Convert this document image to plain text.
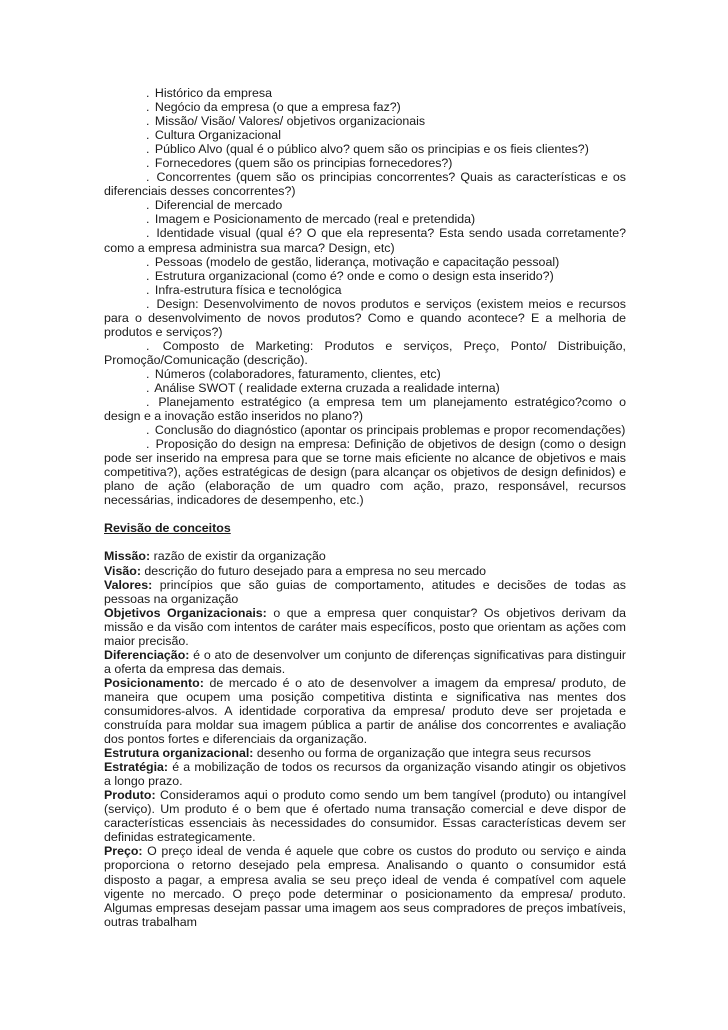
. Histórico da empresa

. Negócio da empresa (o que a empresa faz?)

. Missão/ Visão/ Valores/ objetivos organizacionais

. Cultura Organizacional

. Público Alvo (qual é o público alvo? quem são os principias e os fieis clientes?)

. Fornecedores (quem são os principias fornecedores?)

. Concorrentes (quem são os principias concorrentes? Quais as características e os diferenciais desses concorrentes?)

. Diferencial de mercado

. Imagem e Posicionamento de mercado (real e pretendida)

. Identidade visual (qual é? O que ela representa? Esta sendo usada corretamente? como a empresa administra sua marca? Design, etc)

. Pessoas (modelo de gestão, liderança, motivação e capacitação pessoal)

. Estrutura organizacional (como é? onde e como o design esta inserido?)

. Infra-estrutura física e tecnológica

. Design: Desenvolvimento de novos produtos e serviços (existem meios e recursos para o desenvolvimento de novos produtos? Como e quando acontece? E a melhoria de produtos e serviços?)

. Composto de Marketing: Produtos e serviços, Preço, Ponto/ Distribuição, Promoção/Comunicação (descrição).

. Números (colaboradores, faturamento, clientes, etc)

. Análise SWOT ( realidade externa cruzada a realidade interna)

. Planejamento estratégico (a empresa tem um planejamento estratégico?como o design e a inovação estão inseridos no plano?)

. Conclusão do diagnóstico (apontar os principais problemas e propor recomendações)

. Proposição do design na empresa: Definição de objetivos de design (como o design pode ser inserido na empresa para que se torne mais eficiente no alcance de objetivos e mais competitiva?), ações estratégicas de design (para alcançar os objetivos de design definidos) e plano de ação (elaboração de um quadro com ação, prazo, responsável, recursos necessárias, indicadores de desempenho, etc.)

Revisão de conceitos

Missão: razão de existir da organização

Visão: descrição do futuro desejado para a empresa no seu mercado

Valores: princípios que são guias de comportamento, atitudes e decisões de todas as pessoas na organização

Objetivos Organizacionais: o que a empresa quer conquistar? Os objetivos derivam da missão e da visão com intentos de caráter mais específicos, posto que orientam as ações com maior precisão.

Diferenciação: é o ato de desenvolver um conjunto de diferenças significativas para distinguir a oferta da empresa das demais.

Posicionamento: de mercado é o ato de desenvolver a imagem da empresa/ produto, de maneira que ocupem uma posição competitiva distinta e significativa nas mentes dos consumidores-alvos. A identidade corporativa da empresa/ produto deve ser projetada e construída para moldar sua imagem pública a partir de análise dos concorrentes e avaliação dos pontos fortes e diferenciais da organização.

Estrutura organizacional: desenho ou forma de organização que integra seus recursos

Estratégia: é a mobilização de todos os recursos da organização visando atingir os objetivos a longo prazo.

Produto: Consideramos aqui o produto como sendo um bem tangível (produto) ou intangível (serviço). Um produto é o bem que é ofertado numa transação comercial e deve dispor de características essenciais às necessidades do consumidor. Essas características devem ser definidas estrategicamente.

Preço: O preço ideal de venda é aquele que cobre os custos do produto ou serviço e ainda proporciona o retorno desejado pela empresa. Analisando o quanto o consumidor está disposto a pagar, a empresa avalia se seu preço ideal de venda é compatível com aquele vigente no mercado. O preço pode determinar o posicionamento da empresa/ produto. Algumas empresas desejam passar uma imagem aos seus compradores de preços imbatíveis, outras trabalham
